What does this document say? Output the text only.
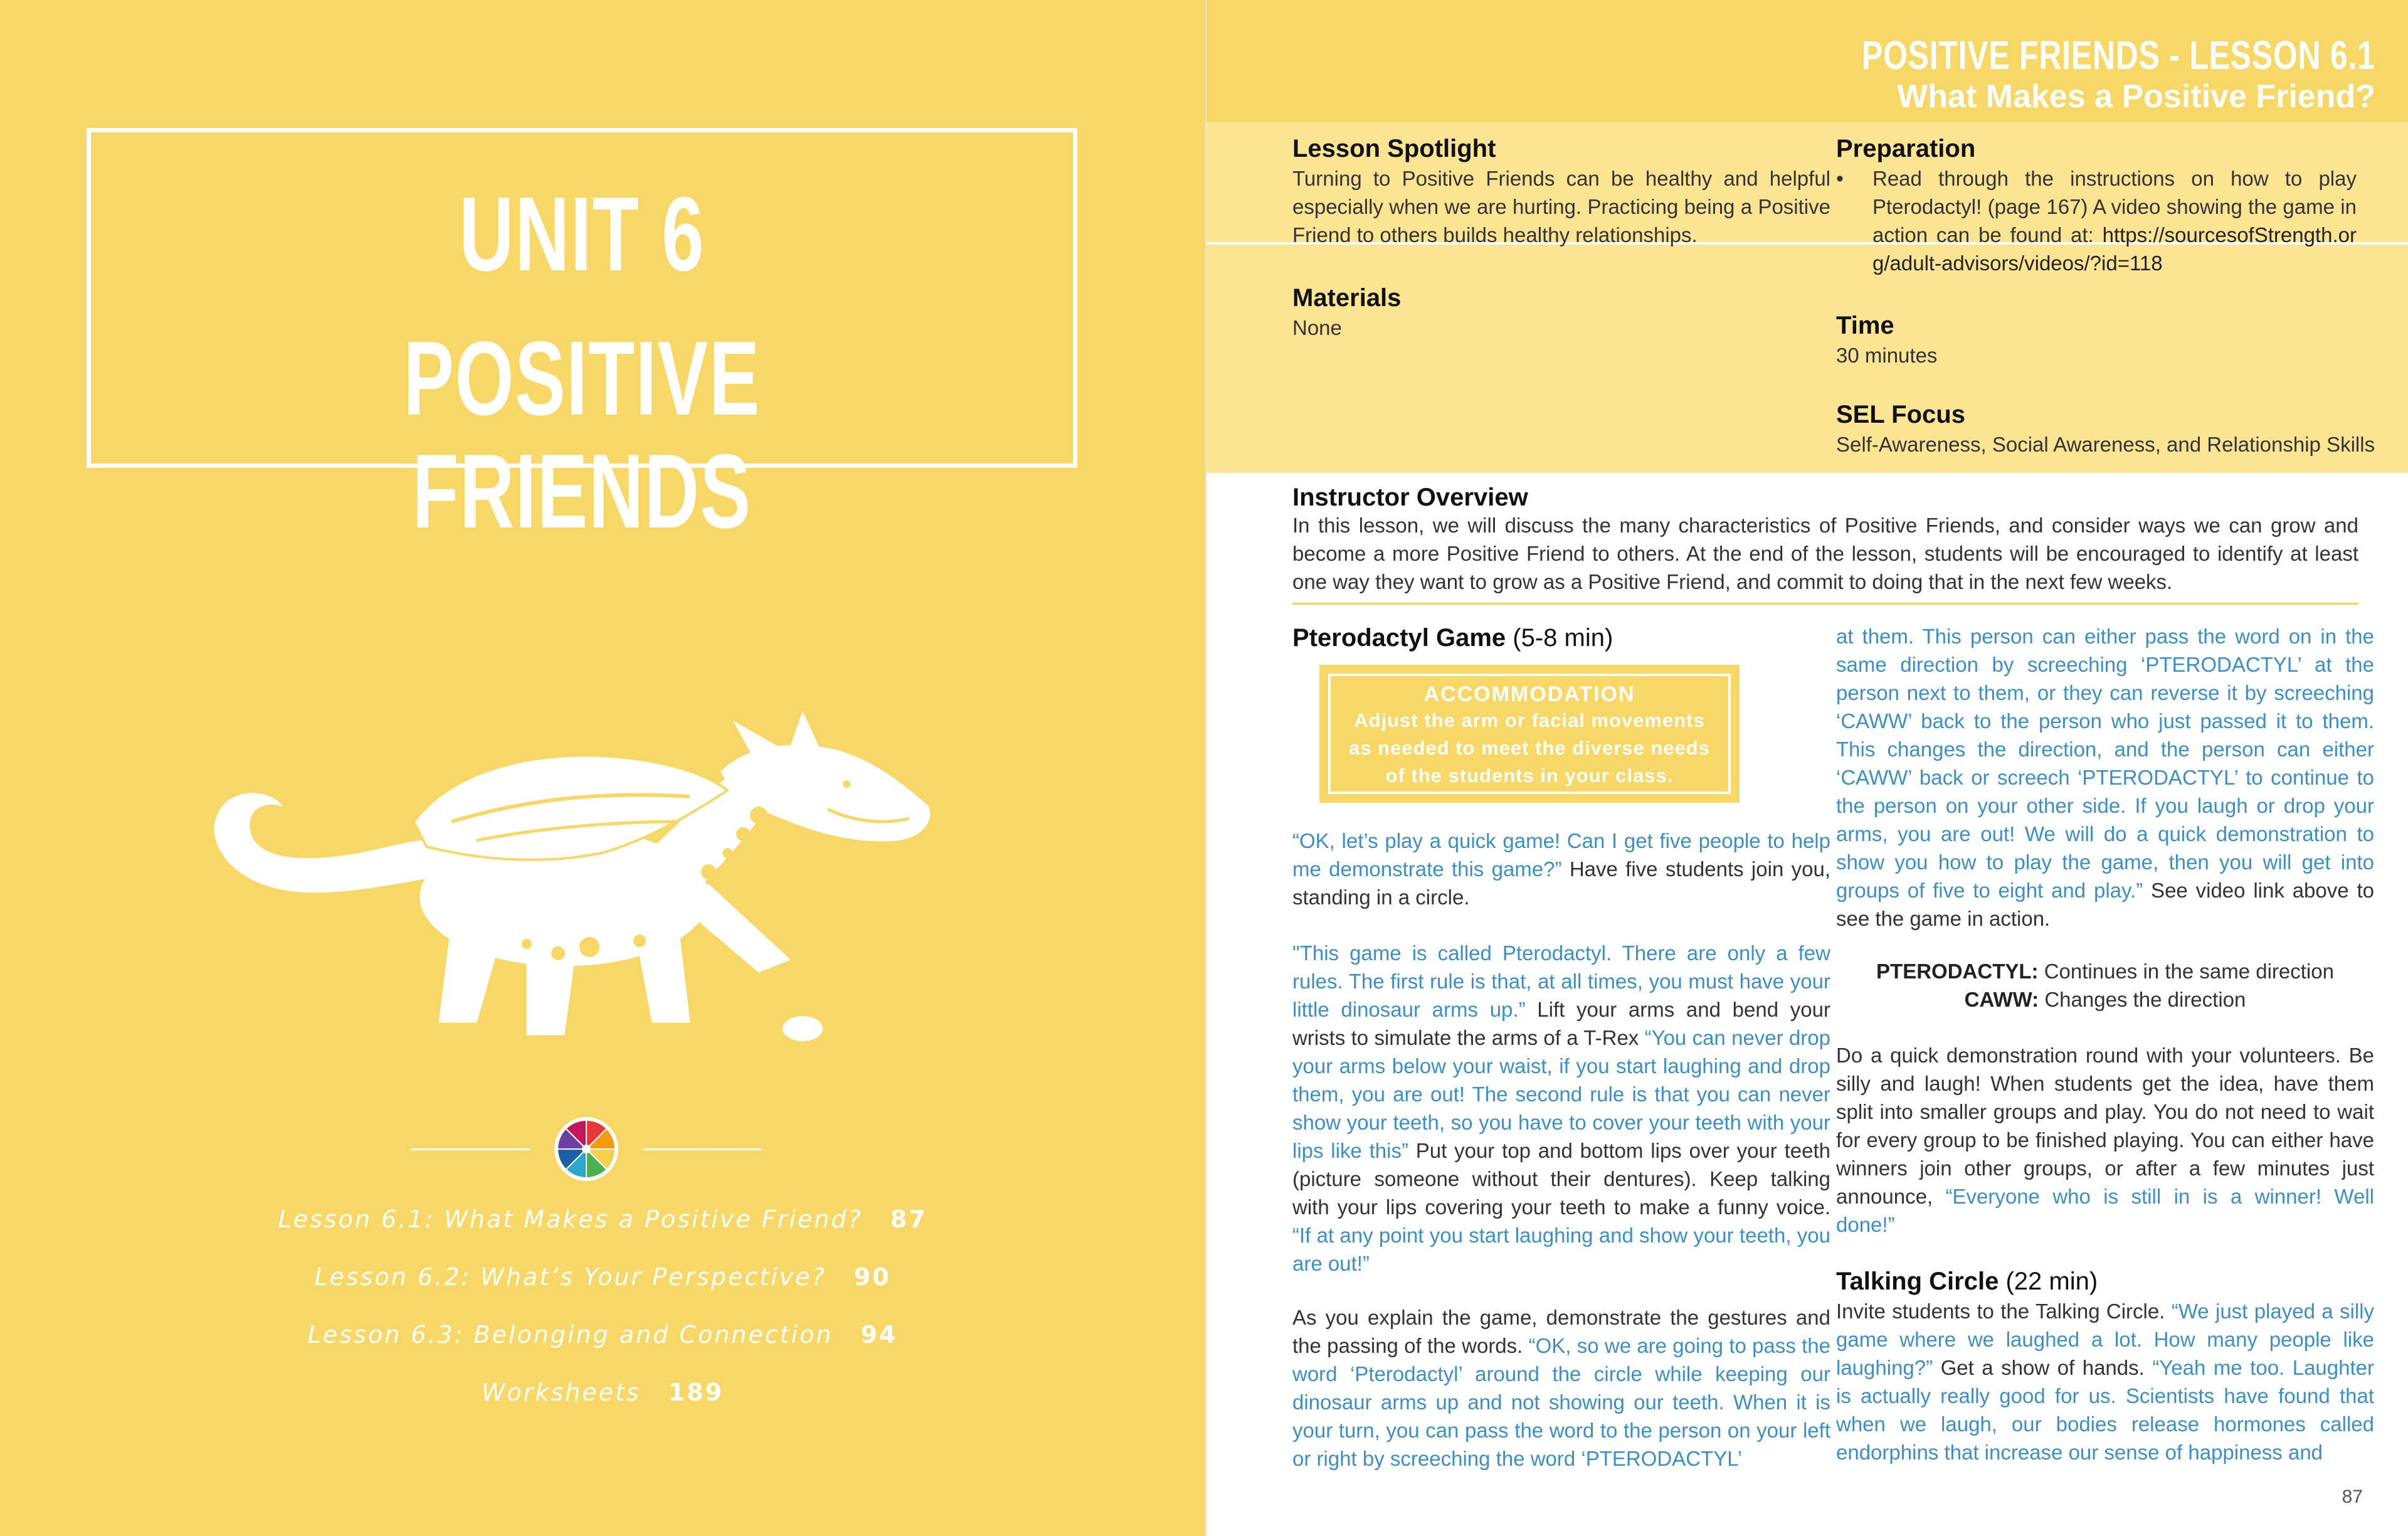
UNIT 6
POSITIVE FRIENDS
Lesson 6.1: What Makes a Positive Friend? 87
Lesson 6.2: What’s Your Perspective? 90
Lesson 6.3: Belonging and Connection 94
Worksheets 189
POSITIVE FRIENDS - LESSON 6.1
What Makes a Positive Friend?
Lesson Spotlight
Turning to Positive Friends can be healthy and helpful especially when we are hurting. Practicing being a Positive Friend to others builds healthy relationships.
Materials
None
Preparation
• Read through the instructions on how to play Pterodactyl! (page 167) A video showing the game in action can be found at: https://sourcesofStrength.org/adult-advisors/videos/?id=118
Time
30 minutes
SEL Focus
Self-Awareness, Social Awareness, and Relationship Skills
Instructor Overview
In this lesson, we will discuss the many characteristics of Positive Friends, and consider ways we can grow and become a more Positive Friend to others. At the end of the lesson, students will be encouraged to identify at least one way they want to grow as a Positive Friend, and commit to doing that in the next few weeks.
Pterodactyl Game (5-8 min)
ACCOMMODATION
Adjust the arm or facial movements as needed to meet the diverse needs of the students in your class.
“OK, let’s play a quick game! Can I get five people to help me demonstrate this game?” Have five students join you, standing in a circle.
"This game is called Pterodactyl. There are only a few rules. The first rule is that, at all times, you must have your little dinosaur arms up.” Lift your arms and bend your wrists to simulate the arms of a T-Rex “You can never drop your arms below your waist, if you start laughing and drop them, you are out! The second rule is that you can never show your teeth, so you have to cover your teeth with your lips like this” Put your top and bottom lips over your teeth (picture someone without their dentures). Keep talking with your lips covering your teeth to make a funny voice. “If at any point you start laughing and show your teeth, you are out!”
As you explain the game, demonstrate the gestures and the passing of the words. “OK, so we are going to pass the word ‘Pterodactyl’ around the circle while keeping our dinosaur arms up and not showing our teeth. When it is your turn, you can pass the word to the person on your left or right by screeching the word ‘PTERODACTYL’
at them. This person can either pass the word on in the same direction by screeching ‘PTERODACTYL’ at the person next to them, or they can reverse it by screeching ‘CAWW’ back to the person who just passed it to them. This changes the direction, and the person can either ‘CAWW’ back or screech ‘PTERODACTYL’ to continue to the person on your other side. If you laugh or drop your arms, you are out! We will do a quick demonstration to show you how to play the game, then you will get into groups of five to eight and play.” See video link above to see the game in action.
PTERODACTYL: Continues in the same direction
CAWW: Changes the direction
Do a quick demonstration round with your volunteers. Be silly and laugh! When students get the idea, have them split into smaller groups and play. You do not need to wait for every group to be finished playing. You can either have winners join other groups, or after a few minutes just announce, “Everyone who is still in is a winner! Well done!”
Talking Circle (22 min)
Invite students to the Talking Circle. “We just played a silly game where we laughed a lot. How many people like laughing?” Get a show of hands. “Yeah me too. Laughter is actually really good for us. Scientists have found that when we laugh, our bodies release hormones called endorphins that increase our sense of happiness and
87
